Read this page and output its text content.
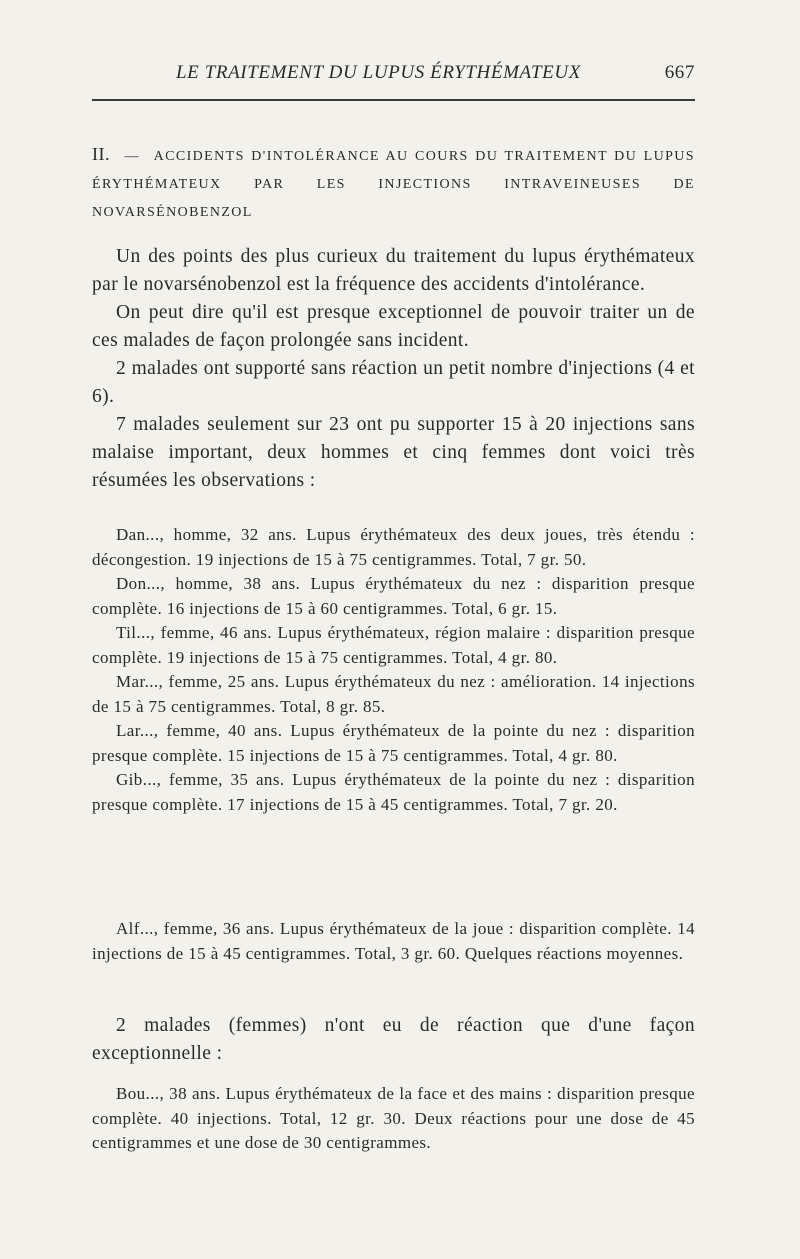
LE TRAITEMENT DU LUPUS ÉRYTHÉMATEUX	667
II. — ACCIDENTS D'INTOLÉRANCE AU COURS DU TRAITEMENT DU LUPUS ÉRYTHÉMATEUX PAR LES INJECTIONS INTRAVEINEUSES DE NOVARSÉNOBENZOL

Un des points des plus curieux du traitement du lupus érythémateux par le novarsénobenzol est la fréquence des accidents d'intolérance.

On peut dire qu'il est presque exceptionnel de pouvoir traiter un de ces malades de façon prolongée sans incident.

2 malades ont supporté sans réaction un petit nombre d'injections (4 et 6).

7 malades seulement sur 23 ont pu supporter 15 à 20 injections sans malaise important, deux hommes et cinq femmes dont voici très résumées les observations :

Dan..., homme, 32 ans. Lupus érythémateux des deux joues, très étendu : décongestion. 19 injections de 15 à 75 centigrammes. Total, 7 gr. 50.

Don..., homme, 38 ans. Lupus érythémateux du nez : disparition presque complète. 16 injections de 15 à 60 centigrammes. Total, 6 gr. 15.

Til..., femme, 46 ans. Lupus érythémateux, région malaire : disparition presque complète. 19 injections de 15 à 75 centigrammes. Total, 4 gr. 80.

Mar..., femme, 25 ans. Lupus érythémateux du nez : amélioration. 14 injections de 15 à 75 centigrammes. Total, 8 gr. 85.

Lar..., femme, 40 ans. Lupus érythémateux de la pointe du nez : disparition presque complète. 15 injections de 15 à 75 centigrammes. Total, 4 gr. 80.

Gib..., femme, 35 ans. Lupus érythémateux de la pointe du nez : disparition presque complète. 17 injections de 15 à 45 centigrammes. Total, 7 gr. 20.

Alf..., femme, 36 ans. Lupus érythémateux de la joue : disparition complète. 14 injections de 15 à 45 centigrammes. Total, 3 gr. 60. Quelques réactions moyennes.

2 malades (femmes) n'ont eu de réaction que d'une façon exceptionnelle :

Bou..., 38 ans. Lupus érythémateux de la face et des mains : disparition presque complète. 40 injections. Total, 12 gr. 30. Deux réactions pour une dose de 45 centigrammes et une dose de 30 centigrammes.
